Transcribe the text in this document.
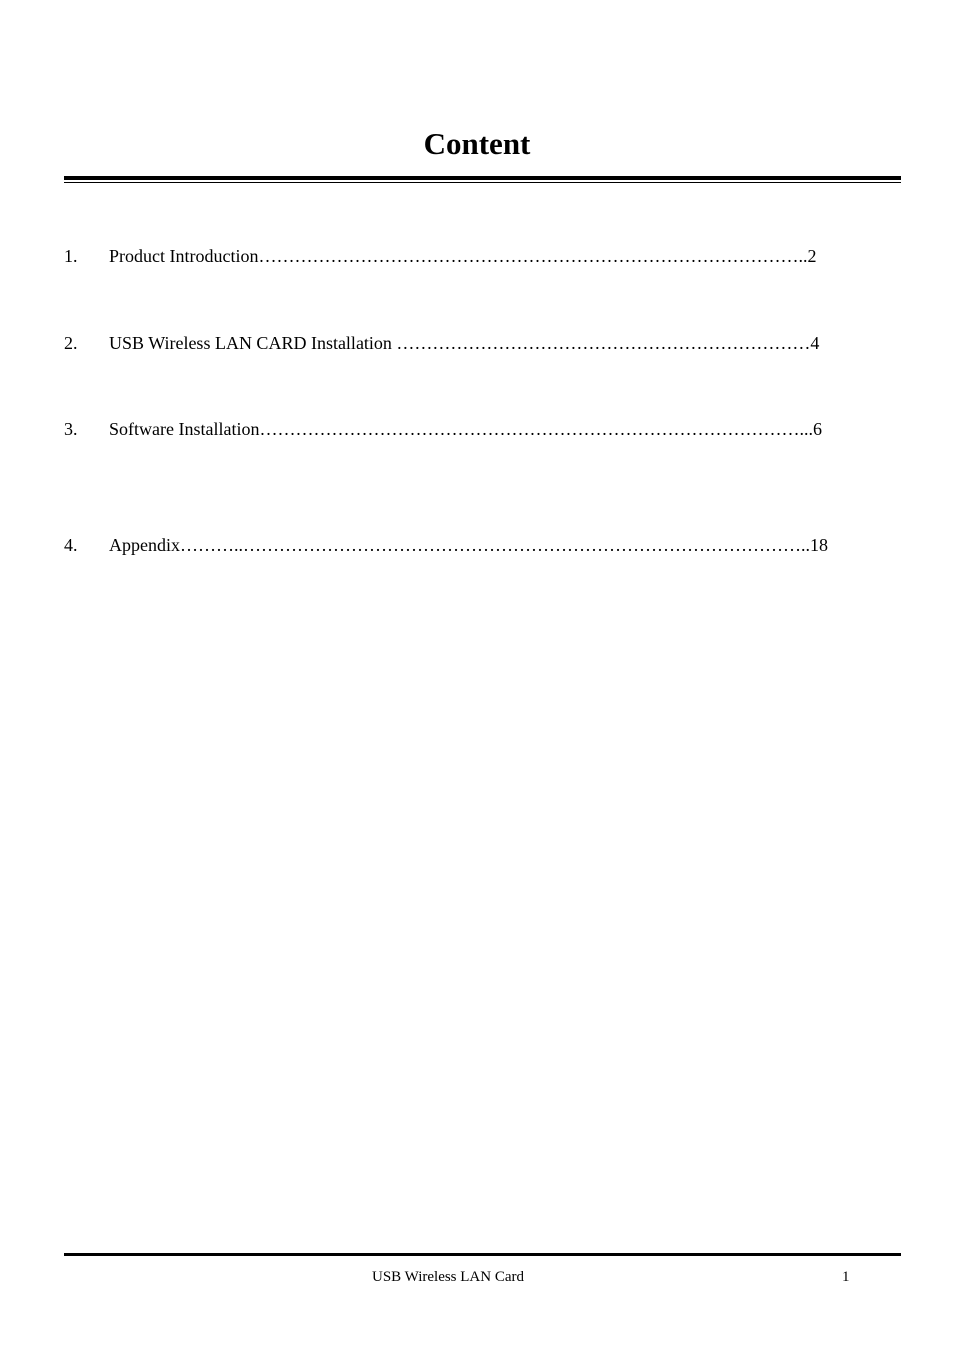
Content
1. Product Introduction………………………………………………………………………………..2
2. USB Wireless LAN CARD Installation ……………………………………………………………4
3. Software Installation………………………………………………………………………………...6
4. Appendix………..…………………………………………………………………………………..18
USB Wireless LAN Card	1
